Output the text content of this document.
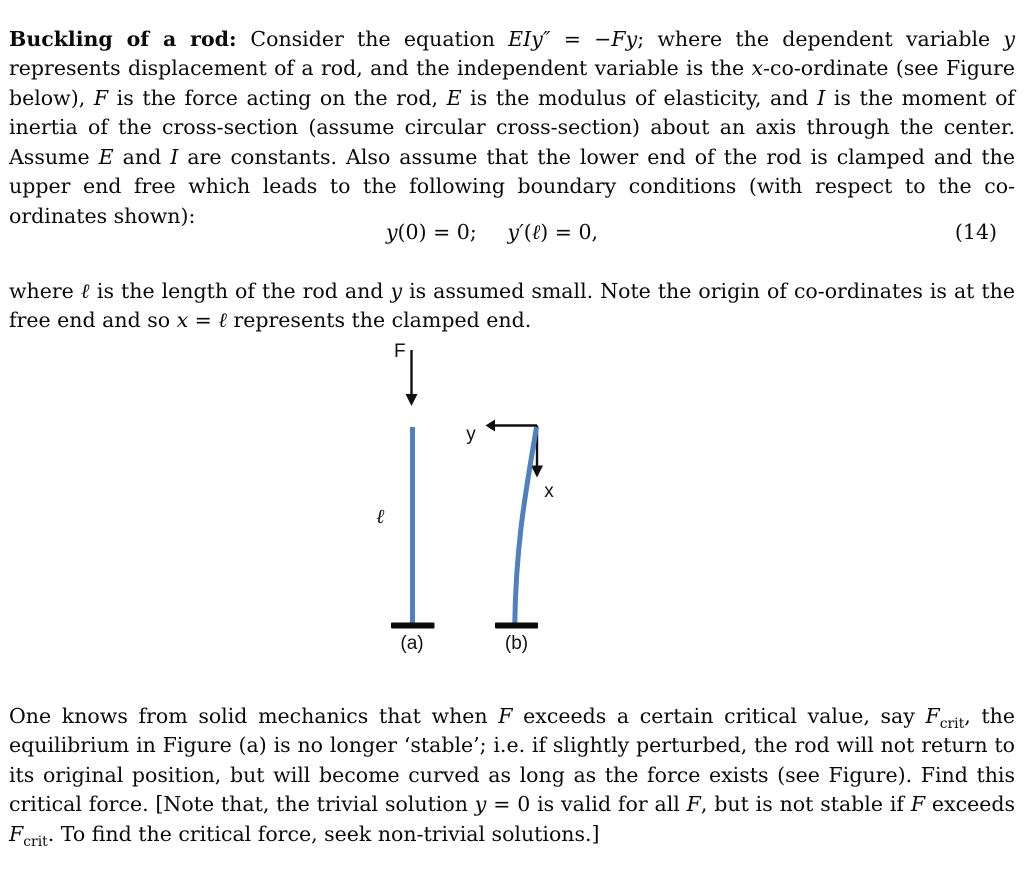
Buckling of a rod: Consider the equation EIy″ = −Fy; where the dependent variable y represents displacement of a rod, and the independent variable is the x-co-ordinate (see Figure below), F is the force acting on the rod, E is the modulus of elasticity, and I is the moment of inertia of the cross-section (assume circular cross-section) about an axis through the center. Assume E and I are constants. Also assume that the lower end of the rod is clamped and the upper end free which leads to the following boundary conditions (with respect to the co-ordinates shown):

y(0) = 0;   y′(ℓ) = 0,	(14)

where ℓ is the length of the rod and y is assumed small. Note the origin of co-ordinates is at the free end and so x = ℓ represents the clamped end.

F
ℓ
(a)
y
x
(b)

One knows from solid mechanics that when F exceeds a certain critical value, say $F_{crit}$, the equilibrium in Figure (a) is no longer ‘stable’; i.e. if slightly perturbed, the rod will not return to its original position, but will become curved as long as the force exists (see Figure). Find this critical force. [Note that, the trivial solution y = 0 is valid for all F, but is not stable if F exceeds $F_{crit}$. To find the critical force, seek non-trivial solutions.]
